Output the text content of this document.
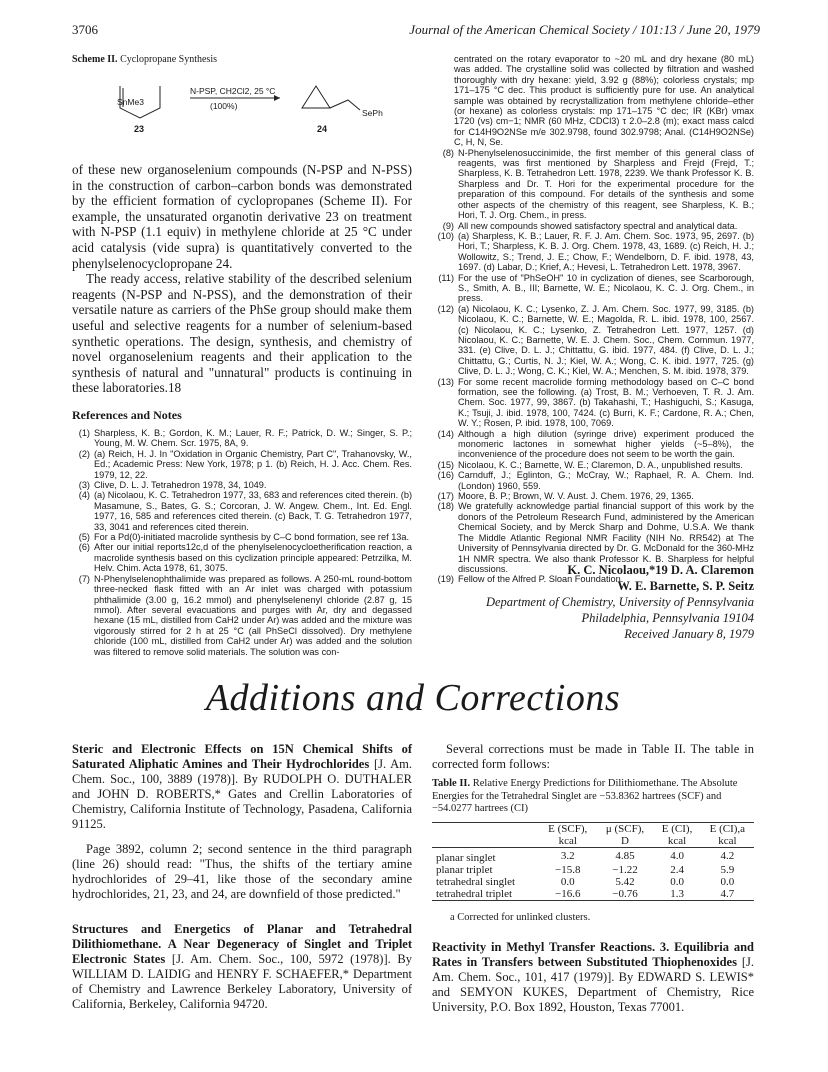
3706	Journal of the American Chemical Society / 101:13 / June 20, 1979
Scheme II. Cyclopropane Synthesis
SnMe3
N-PSP, CH2Cl2, 25 °C
(100%)
SePh
23	24

of these new organoselenium compounds (N-PSP and N-PSS) in the construction of carbon–carbon bonds was demonstrated by the efficient formation of cyclopropanes (Scheme II). For example, the unsaturated organotin derivative 23 on treatment with N-PSP (1.1 equiv) in methylene chloride at 25 °C under acid catalysis (vide supra) is quantitatively converted to the phenylselenocyclopropane 24.

The ready access, relative stability of the described selenium reagents (N-PSP and N-PSS), and the demonstration of their versatile nature as carriers of the PhSe group should make them useful and selective reagents for a number of selenium-based synthetic operations. The design, synthesis, and chemistry of novel organoselenium reagents and their application to the synthesis of natural and "unnatural" products is continuing in these laboratories.18

References and Notes
(1) Sharpless, K. B.; Gordon, K. M.; Lauer, R. F.; Patrick, D. W.; Singer, S. P.; Young, M. W. Chem. Scr. 1975, 8A, 9.
(2) (a) Reich, H. J. In "Oxidation in Organic Chemistry, Part C", Trahanovsky, W., Ed.; Academic Press: New York, 1978; p 1. (b) Reich, H. J. Acc. Chem. Res. 1979, 12, 22.
(3) Clive, D. L. J. Tetrahedron 1978, 34, 1049.
(4) (a) Nicolaou, K. C. Tetrahedron 1977, 33, 683 and references cited therein. (b) Masamune, S., Bates, G. S.; Corcoran, J. W. Angew. Chem., Int. Ed. Engl. 1977, 16, 585 and references cited therein. (c) Back, T. G. Tetrahedron 1977, 33, 3041 and references cited therein.
(5) For a Pd(0)-initiated macrolide synthesis by C–C bond formation, see ref 13a.
(6) After our initial reports12c,d of the phenylselenocycloetherification reaction, a macrolide synthesis based on this cyclization principle appeared: Petrzilka, M. Helv. Chim. Acta 1978, 61, 3075.
(7) N-Phenylselenophthalimide was prepared as follows. A 250-mL round-bottom three-necked flask fitted with an Ar inlet was charged with potassium phthalimide (3.00 g, 16.2 mmol) and phenylselenenyl chloride (2.87 g, 15 mmol). After several evacuations and purges with Ar, dry and degassed hexane (15 mL, distilled from CaH2 under Ar) was added and the mixture was vigorously stirred for 2 h at 25 °C (all PhSeCl dissolved). Dry methylene chloride (100 mL, distilled from CaH2 under Ar) was added and the solution was filtered to remove solid materials. The solution was con-

centrated on the rotary evaporator to ~20 mL and dry hexane (80 mL) was added. The crystalline solid was collected by filtration and washed thoroughly with dry hexane: yield, 3.92 g (88%); colorless crystals; mp 171–175 °C dec. This product is sufficiently pure for use. An analytical sample was obtained by recrystallization from methylene chloride–ether (or hexane) as colorless crystals: mp 171–175 °C dec; IR (KBr) νmax 1720 (vs) cm−1; NMR (60 MHz, CDCl3) τ 2.0–2.8 (m); exact mass calcd for C14H9O2NSe m/e 302.9798, found 302.9798; Anal. (C14H9O2NSe) C, H, N, Se.

(8) N-Phenylselenosuccinimide, the first member of this general class of reagents, was first mentioned by Sharpless and Frejd (Frejd, T.; Sharpless, K. B. Tetrahedron Lett. 1978, 2239. We thank Professor K. B. Sharpless and Dr. T. Hori for the experimental procedure for the preparation of this compound. For details of the synthesis and some other aspects of the chemistry of this reagent, see Sharpless, K. B.; Hori, T. J. Org. Chem., in press.
(9) All new compounds showed satisfactory spectral and analytical data.
(10) (a) Sharpless, K. B.; Lauer, R. F. J. Am. Chem. Soc. 1973, 95, 2697. (b) Hori, T.; Sharpless, K. B. J. Org. Chem. 1978, 43, 1689. (c) Reich, H. J.; Wollowitz, S.; Trend, J. E.; Chow, F.; Wendelborn, D. F. ibid. 1978, 43, 1697. (d) Labar, D.; Krief, A.; Hevesi, L. Tetrahedron Lett. 1978, 3967.
(11) For the use of "PhSeOH" 10 in cyclization of dienes, see Scarborough, S., Smith, A. B., III; Barnette, W. E.; Nicolaou, K. C. J. Org. Chem., in press.
(12) (a) Nicolaou, K. C.; Lysenko, Z. J. Am. Chem. Soc. 1977, 99, 3185. (b) Nicolaou, K. C.; Barnette, W. E.; Magolda, R. L. ibid. 1978, 100, 2567. (c) Nicolaou, K. C.; Lysenko, Z. Tetrahedron Lett. 1977, 1257. (d) Nicolaou, K. C.; Barnette, W. E. J. Chem. Soc., Chem. Commun. 1977, 331. (e) Clive, D. L. J.; Chittattu, G. ibid. 1977, 484. (f) Clive, D. L. J.; Chittattu, G.; Curtis, N. J.; Kiel, W. A.; Wong, C. K. ibid. 1977, 725. (g) Clive, D. L. J.; Wong, C. K.; Kiel, W. A.; Menchen, S. M. ibid. 1978, 379.
(13) For some recent macrolide forming methodology based on C–C bond formation, see the following. (a) Trost, B. M.; Verhoeven, T. R. J. Am. Chem. Soc. 1977, 99, 3867. (b) Takahashi, T.; Hashiguchi, S.; Kasuga, K.; Tsuji, J. ibid. 1978, 100, 7424. (c) Burri, K. F.; Cardone, R. A.; Chen, W. Y.; Rosen, P. ibid. 1978, 100, 7069.
(14) Although a high dilution (syringe drive) experiment produced the monomeric lactones in somewhat higher yields (~5–8%), the inconvenience of the procedure does not seem to be worth the gain.
(15) Nicolaou, K. C.; Barnette, W. E.; Claremon, D. A., unpublished results.
(16) Carnduff, J.; Eglinton, G.; McCray, W.; Raphael, R. A. Chem. Ind. (London) 1960, 559.
(17) Moore, B. P.; Brown, W. V. Aust. J. Chem. 1976, 29, 1365.
(18) We gratefully acknowledge partial financial support of this work by the donors of the Petroleum Research Fund, administered by the American Chemical Society, and by Merck Sharp and Dohme, U.S.A. We thank The Middle Atlantic Regional NMR Facility (NIH No. RR542) at The University of Pennsylvania directed by Dr. G. McDonald for the 360-MHz 1H NMR spectra. We also thank Professor K. B. Sharpless for helpful discussions.
(19) Fellow of the Alfred P. Sloan Foundation.
K. C. Nicolaou,*19 D. A. Claremon
W. E. Barnette, S. P. Seitz
Department of Chemistry, University of Pennsylvania
Philadelphia, Pennsylvania 19104
Received January 8, 1979
Additions and Corrections
Steric and Electronic Effects on 15N Chemical Shifts of Saturated Aliphatic Amines and Their Hydrochlorides [J. Am. Chem. Soc., 100, 3889 (1978)]. By RUDOLPH O. DUTHALER and JOHN D. ROBERTS,* Gates and Crellin Laboratories of Chemistry, California Institute of Technology, Pasadena, California 91125.

Page 3892, column 2; second sentence in the third paragraph (line 26) should read: "Thus, the shifts of the tertiary amine hydrochlorides of 29–41, like those of the secondary amine hydrochlorides, 21, 23, and 24, are downfield of those predicted."

Structures and Energetics of Planar and Tetrahedral Dilithiomethane. A Near Degeneracy of Singlet and Triplet Electronic States [J. Am. Chem. Soc., 100, 5972 (1978)]. By WILLIAM D. LAIDIG and HENRY F. SCHAEFER,* Department of Chemistry and Lawrence Berkeley Laboratory, University of California, Berkeley, California 94720.
Several corrections must be made in Table II. The table in corrected form follows:
Table II. Relative Energy Predictions for Dilithiomethane. The Absolute Energies for the Tetrahedral Singlet are −53.8362 hartrees (SCF) and −54.0277 hartrees (CI)
	E (SCF),	μ (SCF),	E (CI),	E (CI),a
	kcal	D	kcal	kcal
planar singlet	3.2	4.85	4.0	4.2
planar triplet	−15.8	−1.22	2.4	5.9
tetrahedral singlet	0.0	5.42	0.0	0.0
tetrahedral triplet	−16.6	−0.76	1.3	4.7
a Corrected for unlinked clusters.
Reactivity in Methyl Transfer Reactions. 3. Equilibria and Rates in Transfers between Substituted Thiophenoxides [J. Am. Chem. Soc., 101, 417 (1979)]. By EDWARD S. LEWIS* and SEMYON KUKES, Department of Chemistry, Rice University, P.O. Box 1892, Houston, Texas 77001.
